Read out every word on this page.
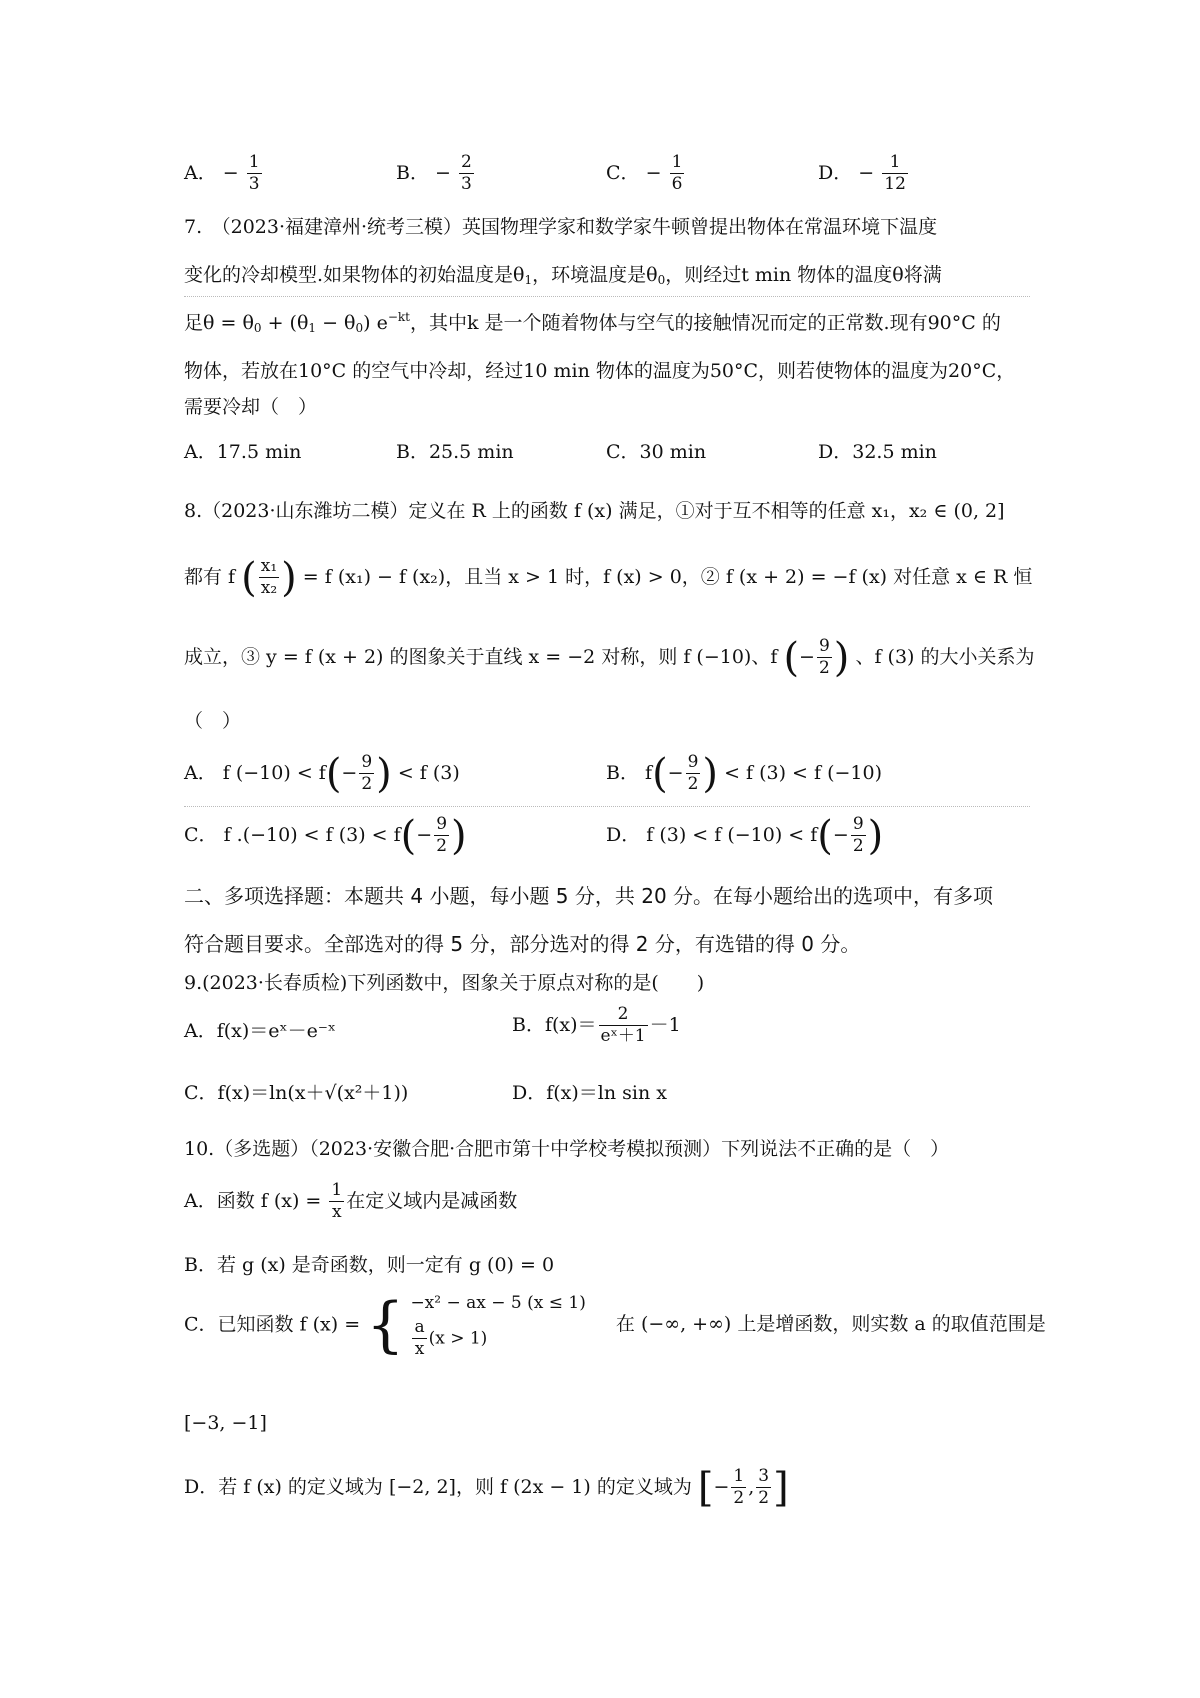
A． − $\frac{1}{3}$	B． − $\frac{2}{3}$	C． − $\frac{1}{6}$	D． − $\frac{1}{12}$
7.　（2023·福建漳州·统考三模）英国物理学家和数学家牛顿曾提出物体在常温环境下温度
变化的冷却模型.如果物体的初始温度是$\theta_1$，环境温度是$\theta_0$，则经过t min 物体的温度θ将满
足$\theta = \theta_0 + (\theta_1 - \theta_0)$ $e^{-kt}$，其中k 是一个随着物体与空气的接触情况而定的正常数.现有90°C 的
物体，若放在10°C 的空气中冷却，经过10 min 物体的温度为50°C，则若使物体的温度为20°C，
需要冷却（　）
A．17.5 min	B．25.5 min	C．30 min	D．32.5 min
8.（2023·山东潍坊二模）定义在 R 上的函数 f (x) 满足，①对于互不相等的任意 x₁，x₂ ∈ (0, 2]
都有 f ( $\frac{\text{x₁}}{\text{x₂}}$ ) = f (x₁) − f (x₂)，且当 x > 1 时，f (x) > 0，② f (x + 2) = −f (x) 对任意 x ∈ R 恒
成立，③ y = f (x + 2) 的图象关于直线 x = −2 对称，则 f (−10)、f (− $\frac{9}{2}$ ) 、f (3) 的大小关系为
（　）
A． f $(-10) < f(- \frac{9}{2}$ ) < f (3)	B． $f(- \frac{9}{2}$ ) < f (3) < f (−10)
C． f .(−10) < f $(3) < f(- \frac{9}{2}$ )	D． f (3) < f $(-10) < f(- \frac{9}{2}$ )
二、多项选择题：本题共 4 小题，每小题 5 分，共 20 分。在每小题给出的选项中，有多项
符合题目要求。全部选对的得 5 分，部分选对的得 2 分，有选错的得 0 分。
9.(2023·长春质检)下列函数中，图象关于原点对称的是(　　)
A．f(x)＝eˣ－e⁻ˣ	B．$f(x)= \frac{2}{\text{eˣ＋1}} -1$
C．f(x)＝ln(x＋√(x²＋1))	D．f(x)＝ln sin x
10.（多选题）（2023·安徽合肥·合肥市第十中学校考模拟预测）下列说法不正确的是（　）
A．函数 f $(x) = \frac{1}{x}$ 在定义域内是减函数
B．若 g (x) 是奇函数，则一定有 g (0) = 0
C．已知函数 f (x) = { −x² − ax − 5 (x ≤ 1)
$\frac{a}{x} (x > 1)$
在 (−∞, +∞) 上是增函数，则实数 a 的取值范围是
[−3, −1]
D．若 f (x) 的定义域为 [−2, 2]，则 f (2x − 1) 的定义域为 [− $\frac{1}{2}$ , $\frac{3}{2}$ ]
